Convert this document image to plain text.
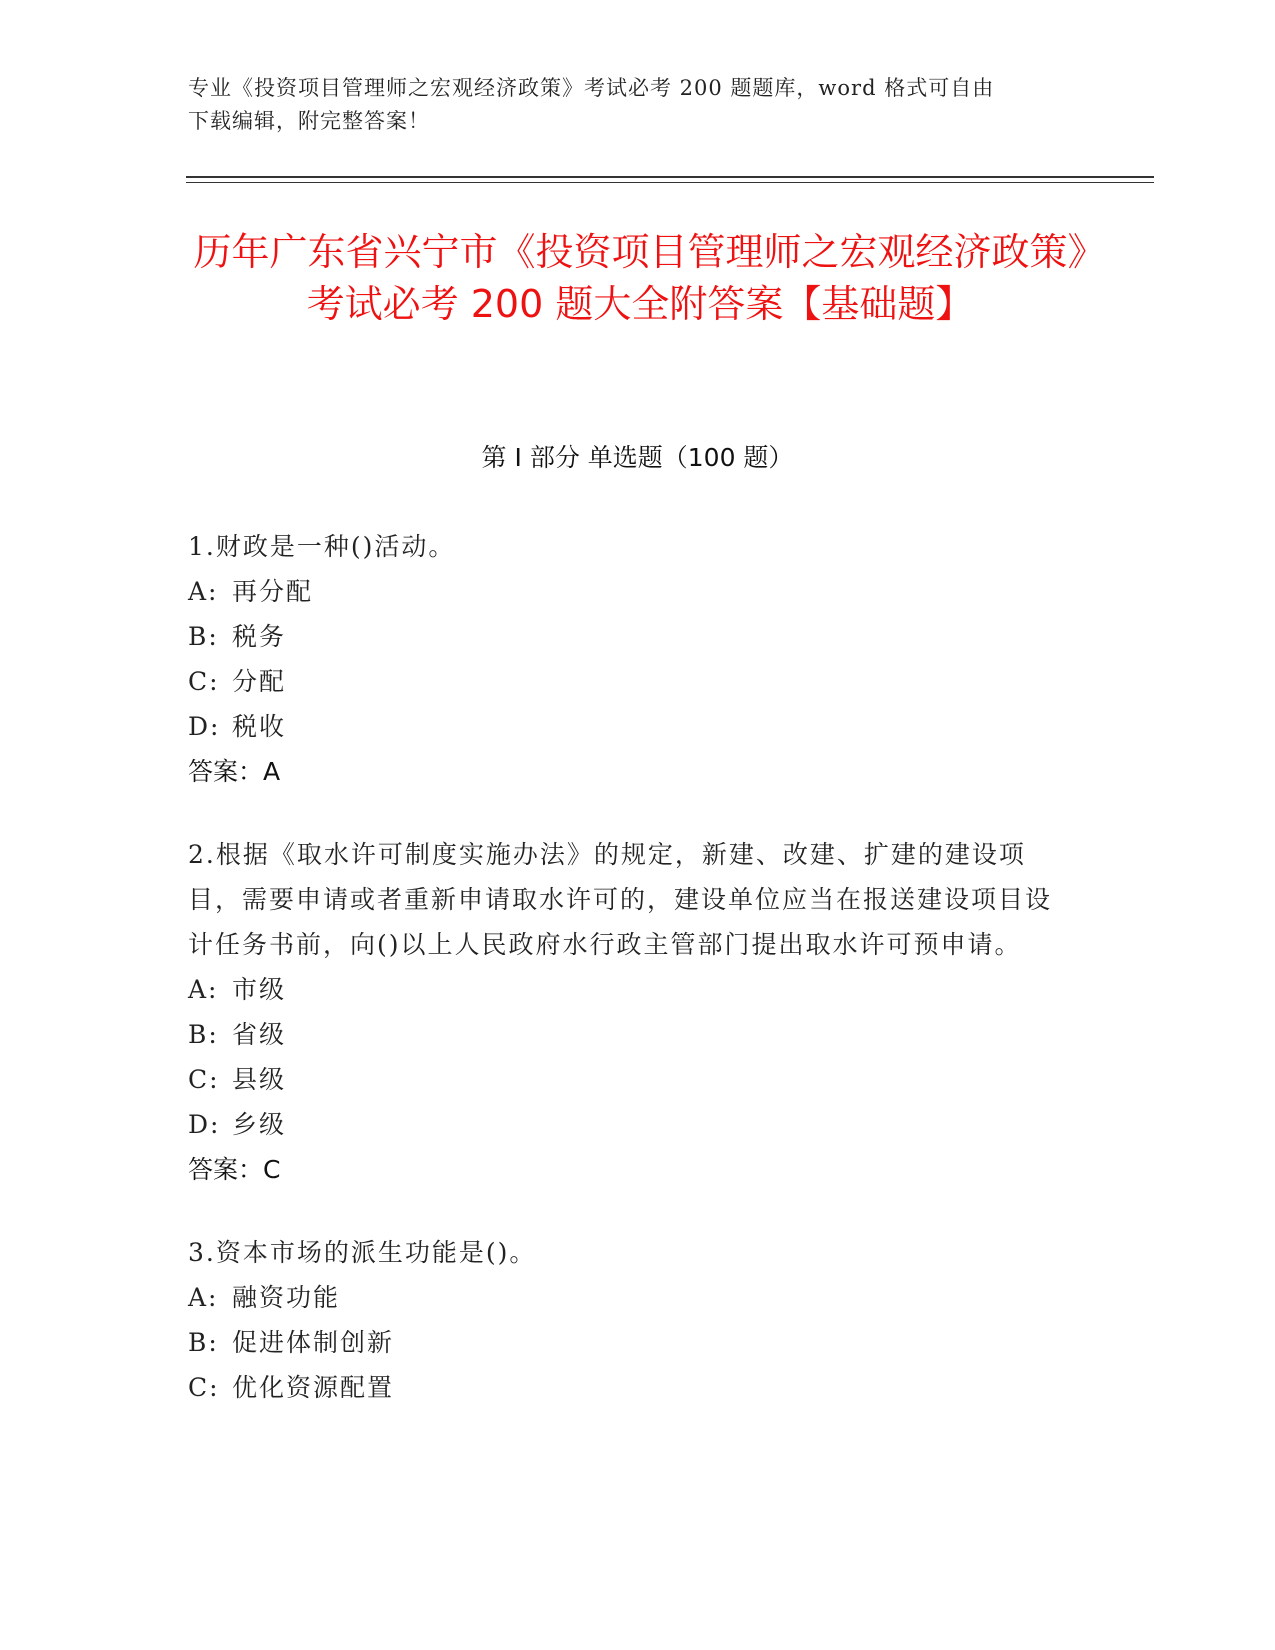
专业《投资项目管理师之宏观经济政策》考试必考 200 题题库，word 格式可自由
下载编辑，附完整答案！
历年广东省兴宁市《投资项目管理师之宏观经济政策》考试必考 200 题大全附答案【基础题】
第 I 部分 单选题（100 题）
1.财政是一种()活动。
A: 再分配
B: 税务
C: 分配
D: 税收
答案：A
2.根据《取水许可制度实施办法》的规定，新建、改建、扩建的建设项目，需要申请或者重新申请取水许可的，建设单位应当在报送建设项目设计任务书前，向()以上人民政府水行政主管部门提出取水许可预申请。
A: 市级
B: 省级
C: 县级
D: 乡级
答案：C
3.资本市场的派生功能是()。
A: 融资功能
B: 促进体制创新
C: 优化资源配置
